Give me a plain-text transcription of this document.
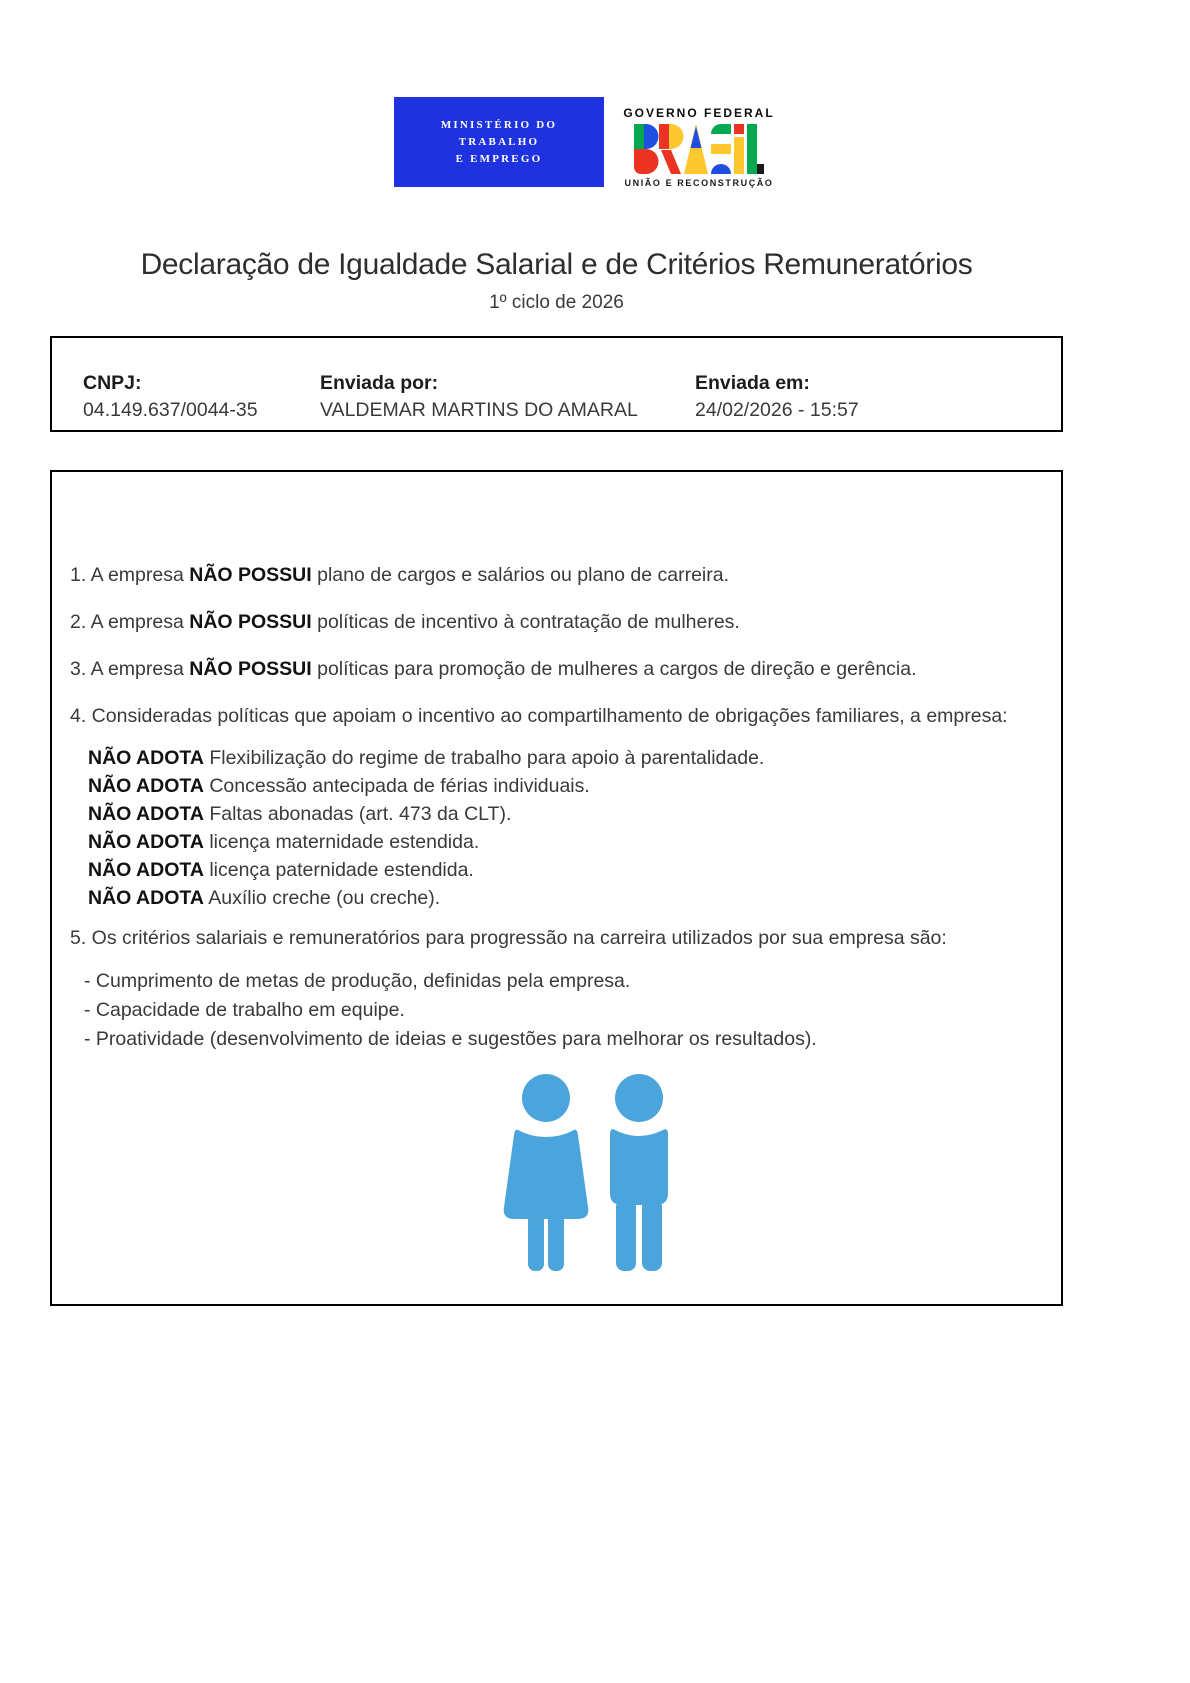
MINISTÉRIO DO
TRABALHO
E EMPREGO
GOVERNO FEDERAL
UNIÃO E RECONSTRUÇÃO
Declaração de Igualdade Salarial e de Critérios Remuneratórios
1º ciclo de 2026
CNPJ:
04.149.637/0044-35
Enviada por:
VALDEMAR MARTINS DO AMARAL
Enviada em:
24/02/2026 - 15:57

1. A empresa NÃO POSSUI plano de cargos e salários ou plano de carreira.

2. A empresa NÃO POSSUI políticas de incentivo à contratação de mulheres.

3. A empresa NÃO POSSUI políticas para promoção de mulheres a cargos de direção e gerência.

4. Consideradas políticas que apoiam o incentivo ao compartilhamento de obrigações familiares, a empresa:

NÃO ADOTA Flexibilização do regime de trabalho para apoio à parentalidade.

NÃO ADOTA Concessão antecipada de férias individuais.

NÃO ADOTA Faltas abonadas (art. 473 da CLT).

NÃO ADOTA licença maternidade estendida.

NÃO ADOTA licença paternidade estendida.

NÃO ADOTA Auxílio creche (ou creche).

5. Os critérios salariais e remuneratórios para progressão na carreira utilizados por sua empresa são:

- Cumprimento de metas de produção, definidas pela empresa.

- Capacidade de trabalho em equipe.

- Proatividade (desenvolvimento de ideias e sugestões para melhorar os resultados).
